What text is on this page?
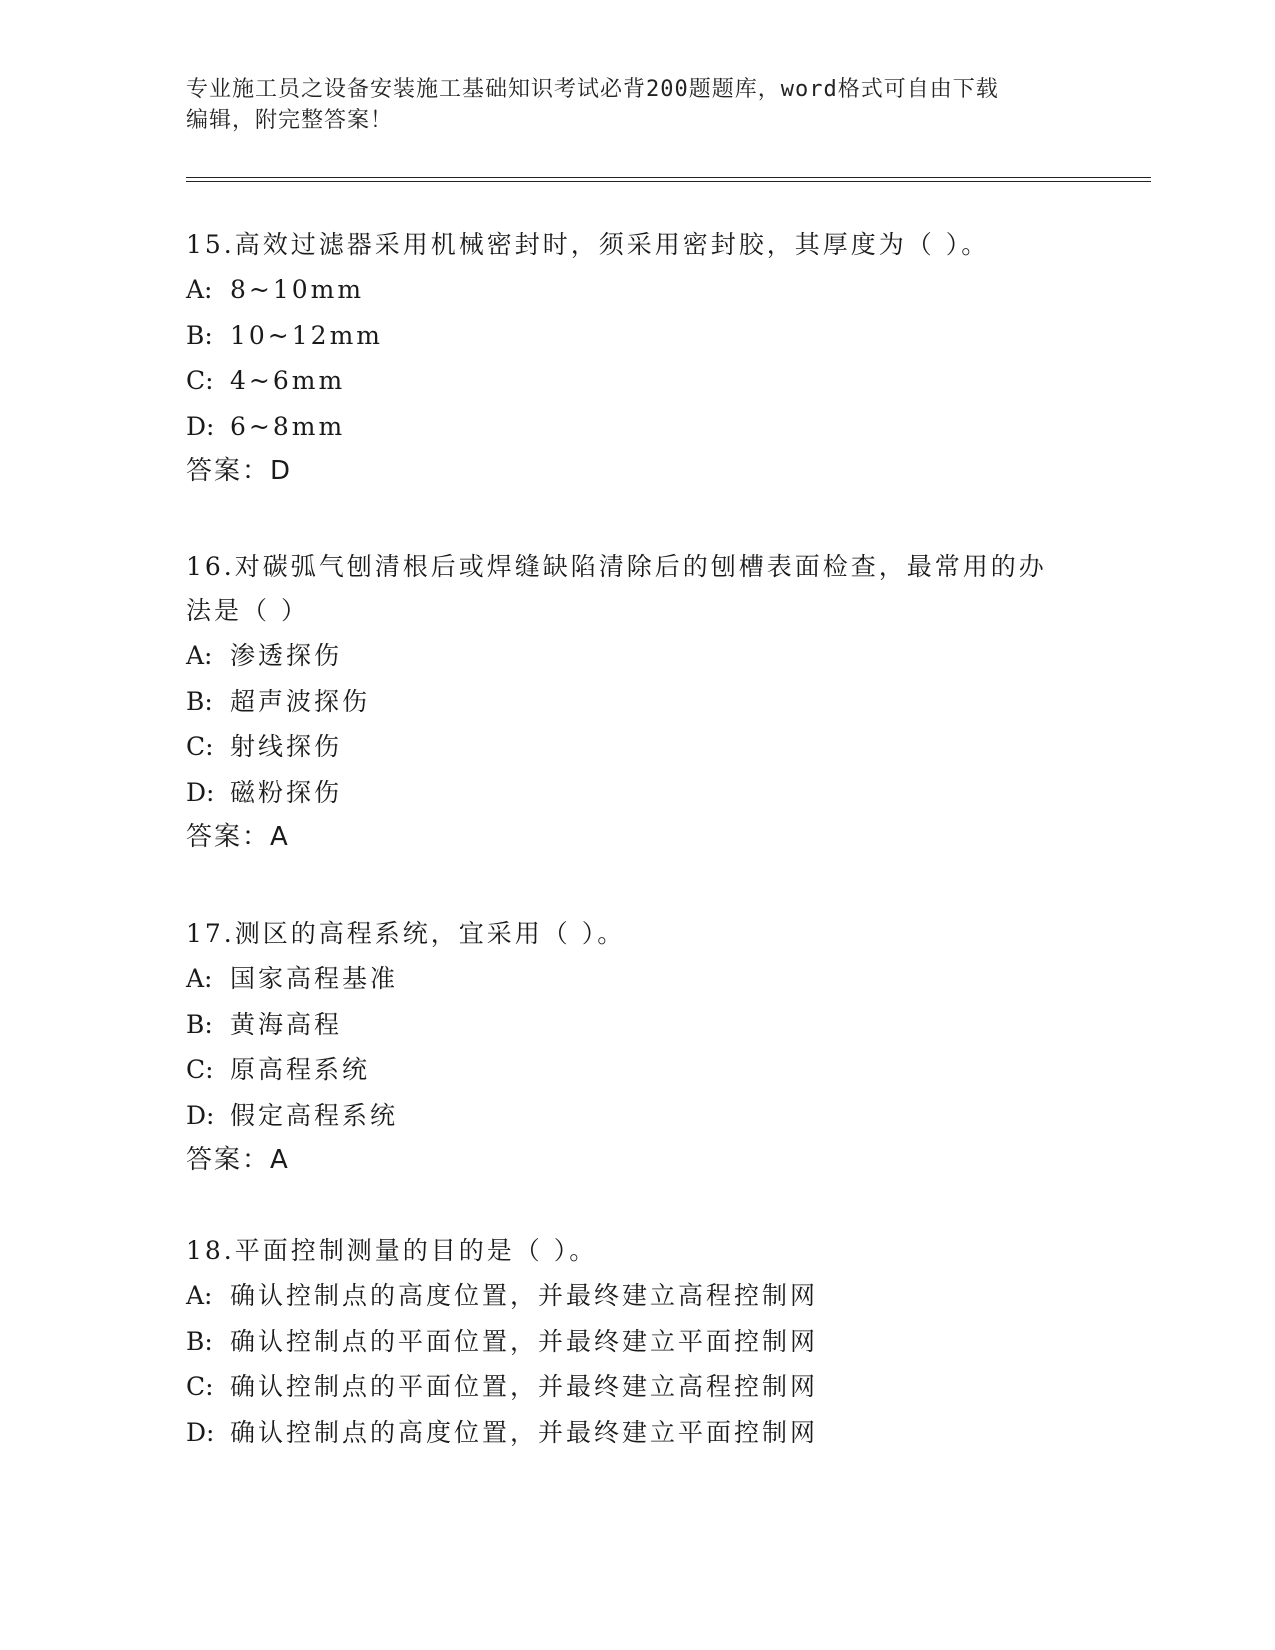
专业施工员之设备安装施工基础知识考试必背200题题库，word格式可自由下载
编辑，附完整答案！

15.高效过滤器采用机械密封时，须采用密封胶，其厚度为（ ）。

A: 8~10mm
B: 10~12mm
C: 4~6mm
D: 6~8mm

答案：D

16.对碳弧气刨清根后或焊缝缺陷清除后的刨槽表面检查，最常用的办法是（ ）

A: 渗透探伤
B: 超声波探伤
C: 射线探伤
D: 磁粉探伤

答案：A

17.测区的高程系统，宜采用（ ）。

A: 国家高程基准
B: 黄海高程
C: 原高程系统
D: 假定高程系统

答案：A

18.平面控制测量的目的是（ ）。

A: 确认控制点的高度位置，并最终建立高程控制网
B: 确认控制点的平面位置，并最终建立平面控制网
C: 确认控制点的平面位置，并最终建立高程控制网
D: 确认控制点的高度位置，并最终建立平面控制网
